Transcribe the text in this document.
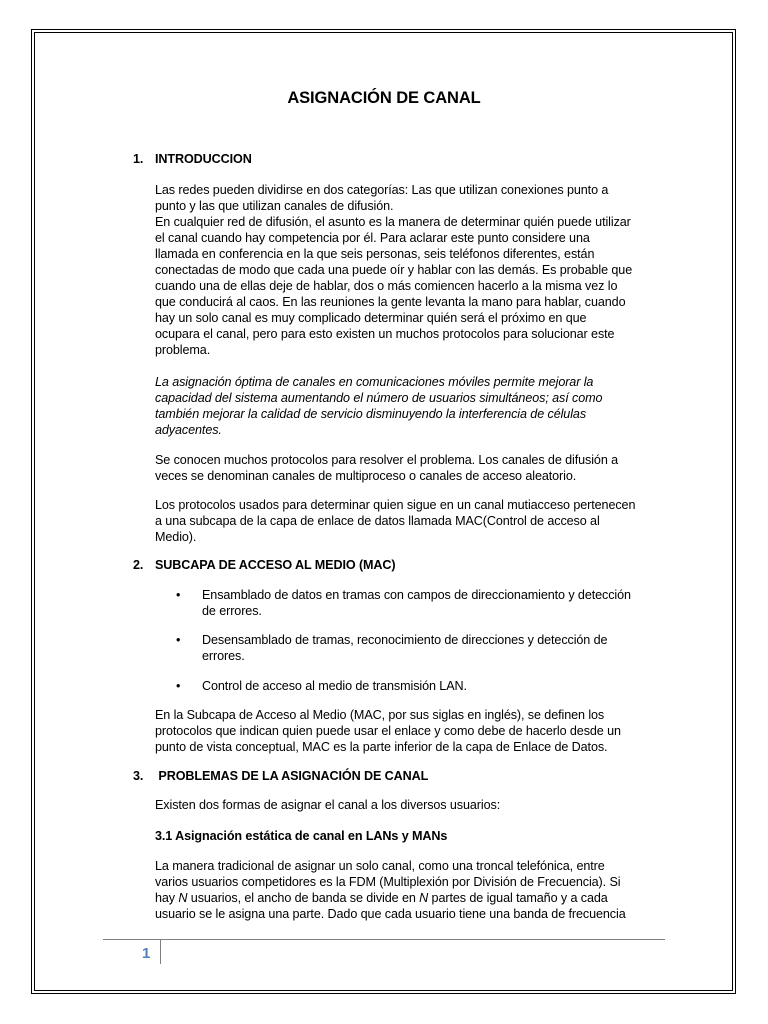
ASIGNACIÓN DE CANAL
1. INTRODUCCION
Las redes pueden dividirse en dos categorías: Las que utilizan conexiones punto a
punto y las que utilizan canales de difusión.
En cualquier red de difusión, el asunto es la manera de determinar quién puede utilizar
el canal cuando hay competencia por él. Para aclarar este punto considere una
llamada en conferencia en la que seis personas, seis teléfonos diferentes, están
conectadas de modo que cada una puede oír y hablar con las demás. Es probable que
cuando una de ellas deje de hablar, dos o más comiencen hacerlo a la misma vez lo
que conducirá al caos. En las reuniones la gente levanta la mano para hablar, cuando
hay un solo canal es muy complicado determinar quién será el próximo en que
ocupara el canal, pero para esto existen un muchos protocolos para solucionar este
problema.
La asignación óptima de canales en comunicaciones móviles permite mejorar la
capacidad del sistema aumentando el número de usuarios simultáneos; así como
también mejorar la calidad de servicio disminuyendo la interferencia de células
adyacentes.
Se conocen muchos protocolos para resolver el problema. Los canales de difusión a
veces se denominan canales de multiproceso o canales de acceso aleatorio.
Los protocolos usados para determinar quien sigue en un canal mutiacceso pertenecen
a una subcapa de la capa de enlace de datos llamada MAC(Control de acceso al
Medio).
2. SUBCAPA DE ACCESO AL MEDIO (MAC)
•	Ensamblado de datos en tramas con campos de direccionamiento y detección
de errores.
•	Desensamblado de tramas, reconocimiento de direcciones y detección de
errores.
•	Control de acceso al medio de transmisión LAN.
En la Subcapa de Acceso al Medio (MAC, por sus siglas en inglés), se definen los
protocolos que indican quien puede usar el enlace y como debe de hacerlo desde un
punto de vista conceptual, MAC es la parte inferior de la capa de Enlace de Datos.
3. PROBLEMAS DE LA ASIGNACIÓN DE CANAL
Existen dos formas de asignar el canal a los diversos usuarios:
3.1 Asignación estática de canal en LANs y MANs
La manera tradicional de asignar un solo canal, como una troncal telefónica, entre
varios usuarios competidores es la FDM (Multiplexión por División de Frecuencia). Si
hay N usuarios, el ancho de banda se divide en N partes de igual tamaño y a cada
usuario se le asigna una parte. Dado que cada usuario tiene una banda de frecuencia
1
